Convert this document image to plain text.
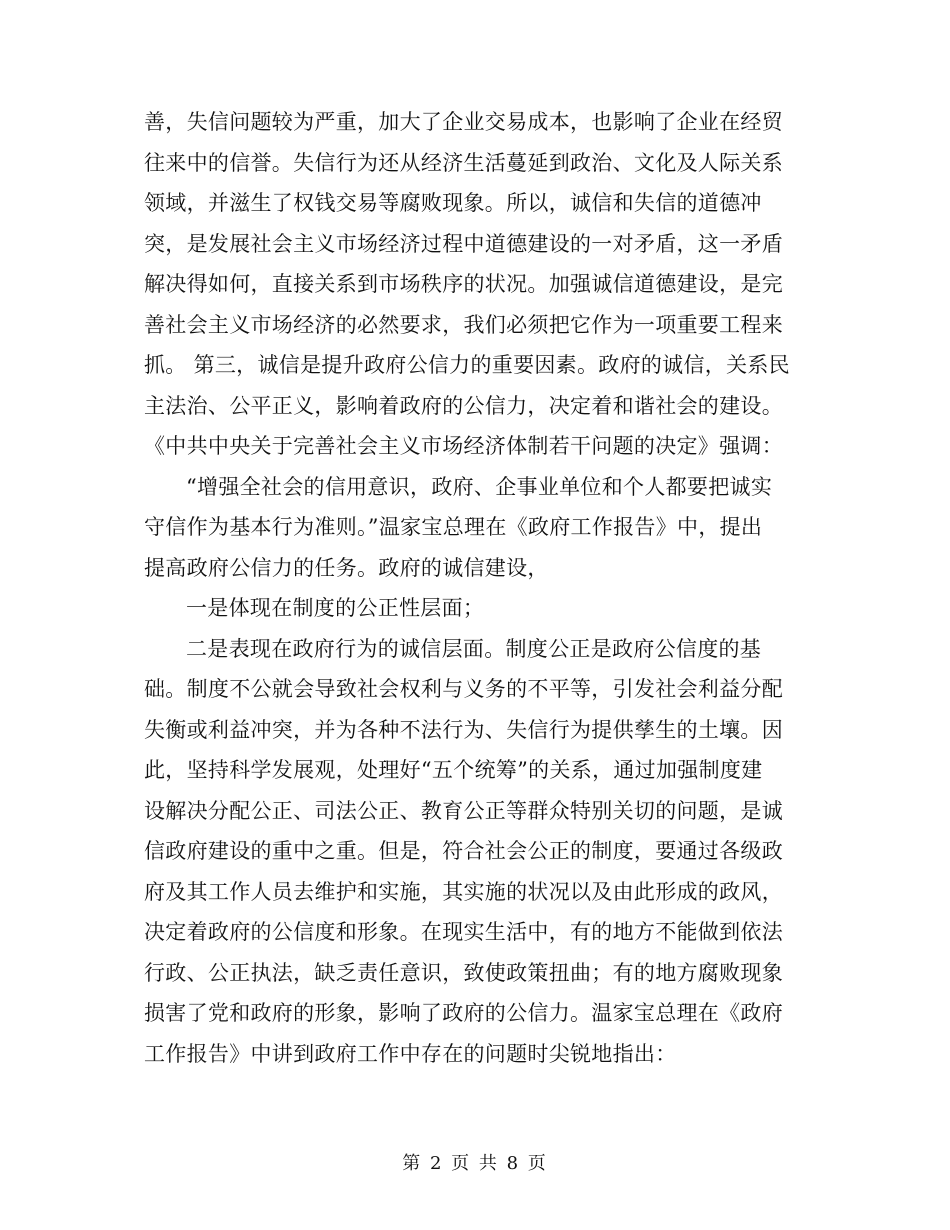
善，失信问题较为严重，加大了企业交易成本，也影响了企业在经贸
往来中的信誉。失信行为还从经济生活蔓延到政治、文化及人际关系
领域，并滋生了权钱交易等腐败现象。所以，诚信和失信的道德冲
突，是发展社会主义市场经济过程中道德建设的一对矛盾，这一矛盾
解决得如何，直接关系到市场秩序的状况。加强诚信道德建设，是完
善社会主义市场经济的必然要求，我们必须把它作为一项重要工程来
抓。 第三，诚信是提升政府公信力的重要因素。政府的诚信，关系民
主法治、公平正义，影响着政府的公信力，决定着和谐社会的建设。
《中共中央关于完善社会主义市场经济体制若干问题的决定》强调：
“增强全社会的信用意识，政府、企事业单位和个人都要把诚实
守信作为基本行为准则。”温家宝总理在《政府工作报告》中，提出
提高政府公信力的任务。政府的诚信建设，
一是体现在制度的公正性层面；
二是表现在政府行为的诚信层面。制度公正是政府公信度的基
础。制度不公就会导致社会权利与义务的不平等，引发社会利益分配
失衡或利益冲突，并为各种不法行为、失信行为提供孳生的土壤。因
此，坚持科学发展观，处理好“五个统筹”的关系，通过加强制度建
设解决分配公正、司法公正、教育公正等群众特别关切的问题，是诚
信政府建设的重中之重。但是，符合社会公正的制度，要通过各级政
府及其工作人员去维护和实施，其实施的状况以及由此形成的政风，
决定着政府的公信度和形象。在现实生活中，有的地方不能做到依法
行政、公正执法，缺乏责任意识，致使政策扭曲；有的地方腐败现象
损害了党和政府的形象，影响了政府的公信力。温家宝总理在《政府
工作报告》中讲到政府工作中存在的问题时尖锐地指出：
第 2 页 共 8 页
